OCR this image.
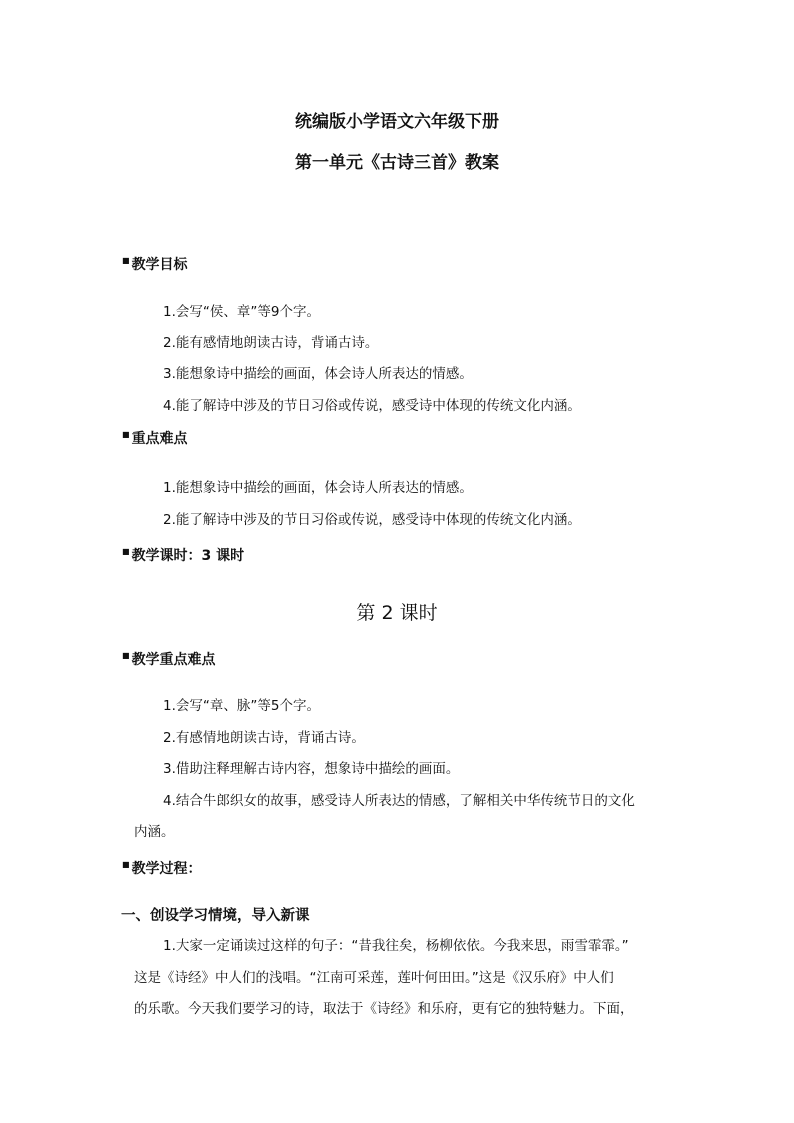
统编版小学语文六年级下册
第一单元《古诗三首》教案
■ 教学目标
1.会写“侯、章”等9个字。
2.能有感情地朗读古诗，背诵古诗。
3.能想象诗中描绘的画面，体会诗人所表达的情感。
4.能了解诗中涉及的节日习俗或传说，感受诗中体现的传统文化内涵。
■ 重点难点
1.能想象诗中描绘的画面，体会诗人所表达的情感。
2.能了解诗中涉及的节日习俗或传说，感受诗中体现的传统文化内涵。
■ 教学课时：3 课时
第 2 课时
■ 教学重点难点
1.会写“章、脉”等5个字。
2.有感情地朗读古诗，背诵古诗。
3.借助注释理解古诗内容，想象诗中描绘的画面。
4.结合牛郎织女的故事，感受诗人所表达的情感，了解相关中华传统节日的文化
内涵。
■ 教学过程：
一、创设学习情境，导入新课
1.大家一定诵读过这样的句子：“昔我往矣，杨柳依依。今我来思，雨雪霏霏。”
这是《诗经》中人们的浅唱。“江南可采莲，莲叶何田田。”这是《汉乐府》中人们
的乐歌。今天我们要学习的诗，取法于《诗经》和乐府，更有它的独特魅力。下面，
